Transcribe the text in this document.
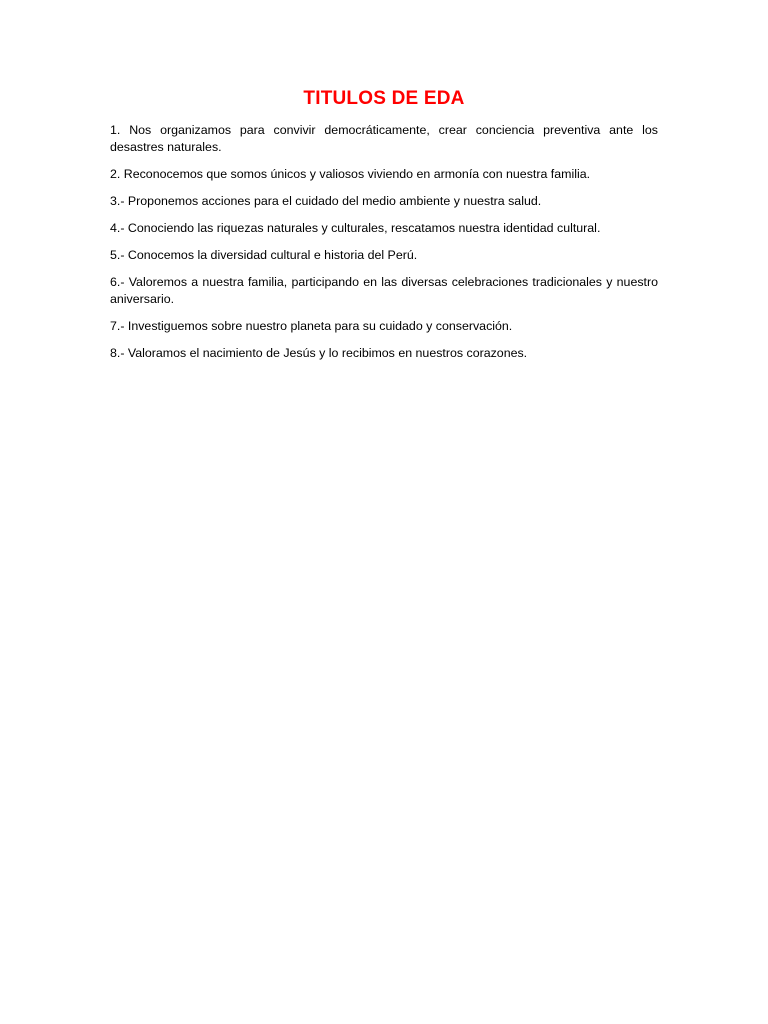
TITULOS DE EDA
1. Nos organizamos para convivir democráticamente, crear conciencia preventiva ante los desastres naturales.
2. Reconocemos que somos únicos y valiosos viviendo en armonía con nuestra familia.
3.- Proponemos acciones para el cuidado del medio ambiente y nuestra salud.
4.- Conociendo las riquezas naturales y culturales, rescatamos nuestra identidad cultural.
5.- Conocemos la diversidad cultural e historia del Perú.
6.- Valoremos a nuestra familia, participando en las diversas celebraciones tradicionales y nuestro aniversario.
7.- Investiguemos sobre nuestro planeta para su cuidado y conservación.
8.- Valoramos el nacimiento de Jesús y lo recibimos en nuestros corazones.
